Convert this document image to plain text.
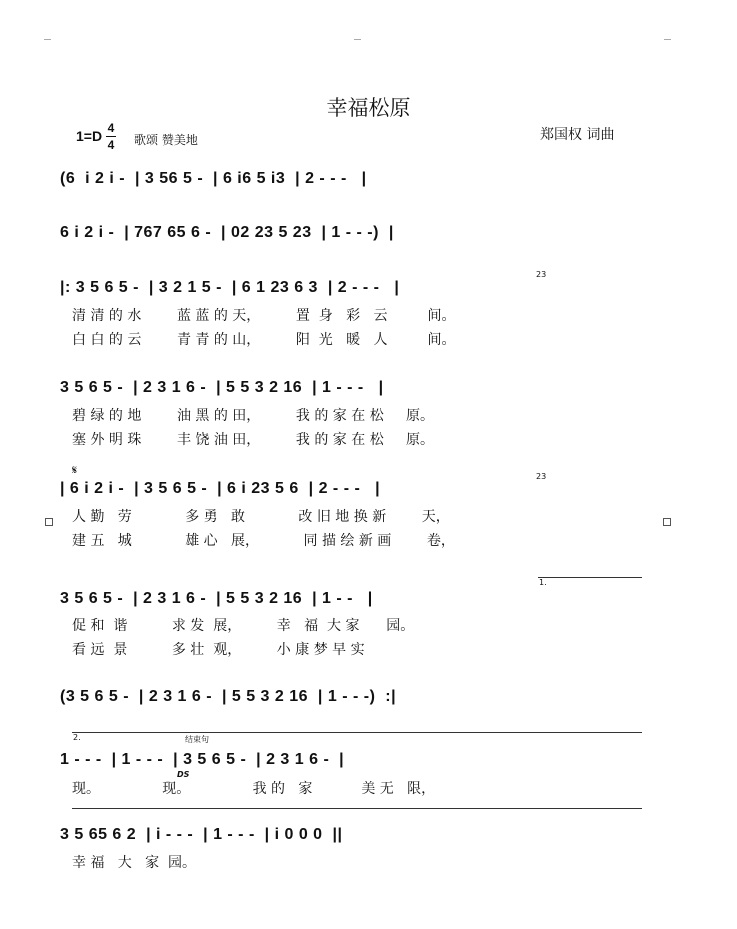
幸福松原
1=D 4
4 歌颂 赞美地	郑国权 词曲
(6  i 2 i -  | 3 56 5 -  | 6 i6 5 i3  | 2 - - -   |
6 i 2 i -  | 767 65 6 -  | 02 23 5 23  | 1 - - -)  |
|: 3 5 6 5 -  | 3 2 1 5 -  | 6 1 23 6 3  | 2 - - -   |
23
清 清 的 水        蓝 蓝 的 天，        置  身   彩   云         间。
白 白 的 云        青 青 的 山，        阳  光   暖   人         间。
3 5 6 5 -  | 2 3 1 6 -  | 5 5 3 2 16  | 1 - - -   |
碧 绿 的 地        油 黑 的 田，        我 的 家 在 松     原。
塞 外 明 珠        丰 饶 油 田，        我 的 家 在 松     原。
𝄋
| 6 i 2 i -  | 3 5 6 5 -  | 6 i 23 5 6  | 2 - - -   |
23
人 勤   劳            多 勇   敢            改 旧 地 换 新        天，
建 五   城            雄 心   展，          同 描 绘 新 画        卷，
1.
3 5 6 5 -  | 2 3 1 6 -  | 5 5 3 2 16  | 1 - -   |
促 和  谐          求 发  展，        幸   福  大 家      园。
看 远  景          多 壮  观，        小 康 梦 早 实
(3 5 6 5 -  | 2 3 1 6 -  | 5 5 3 2 16  | 1 - - -)  :|
2.	结束句
1 - - -  | 1 - - -  | 3 5 6 5 -  | 2 3 1 6 -  |
DS
现。              现。              我 的   家           美 无   限，
3 5 65 6 2  | i - - -  | 1 - - -  | i 0 0 0  ||
幸 福   大   家  园。
